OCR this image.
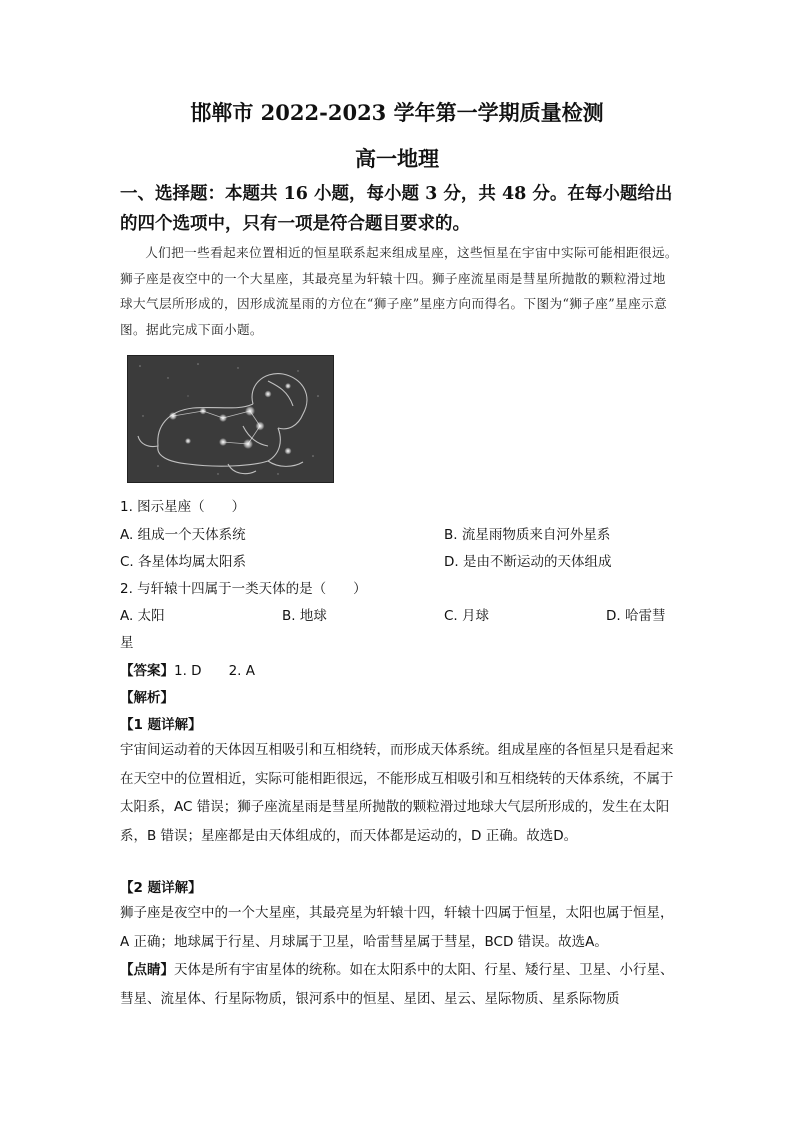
邯郸市 2022-2023 学年第一学期质量检测
高一地理
一、选择题：本题共 16 小题，每小题 3 分，共 48 分。在每小题给出的四个选项中，只有一项是符合题目要求的。
人们把一些看起来位置相近的恒星联系起来组成星座，这些恒星在宇宙中实际可能相距很远。狮子座是夜空中的一个大星座，其最亮星为轩辕十四。狮子座流星雨是彗星所抛散的颗粒滑过地球大气层所形成的，因形成流星雨的方位在“狮子座”星座方向而得名。下图为“狮子座”星座示意图。据此完成下面小题。
1. 图示星座（　　）
A. 组成一个天体系统	B. 流星雨物质来自河外星系
C. 各星体均属太阳系	D. 是由不断运动的天体组成
2. 与轩辕十四属于一类天体的是（　　）
A. 太阳	B. 地球	C. 月球	D. 哈雷彗
星
【答案】1. D　　2. A
【解析】
【1 题详解】
宇宙间运动着的天体因互相吸引和互相绕转，而形成天体系统。组成星座的各恒星只是看起来在天空中的位置相近，实际可能相距很远，不能形成互相吸引和互相绕转的天体系统，不属于太阳系，AC 错误；狮子座流星雨是彗星所抛散的颗粒滑过地球大气层所形成的，发生在太阳系，B 错误；星座都是由天体组成的，而天体都是运动的，D 正确。故选D。
【2 题详解】
狮子座是夜空中的一个大星座，其最亮星为轩辕十四，轩辕十四属于恒星，太阳也属于恒星，A 正确；地球属于行星、月球属于卫星，哈雷彗星属于彗星，BCD 错误。故选A。
【点睛】天体是所有宇宙星体的统称。如在太阳系中的太阳、行星、矮行星、卫星、小行星、彗星、流星体、行星际物质，银河系中的恒星、星团、星云、星际物质、星系际物质
